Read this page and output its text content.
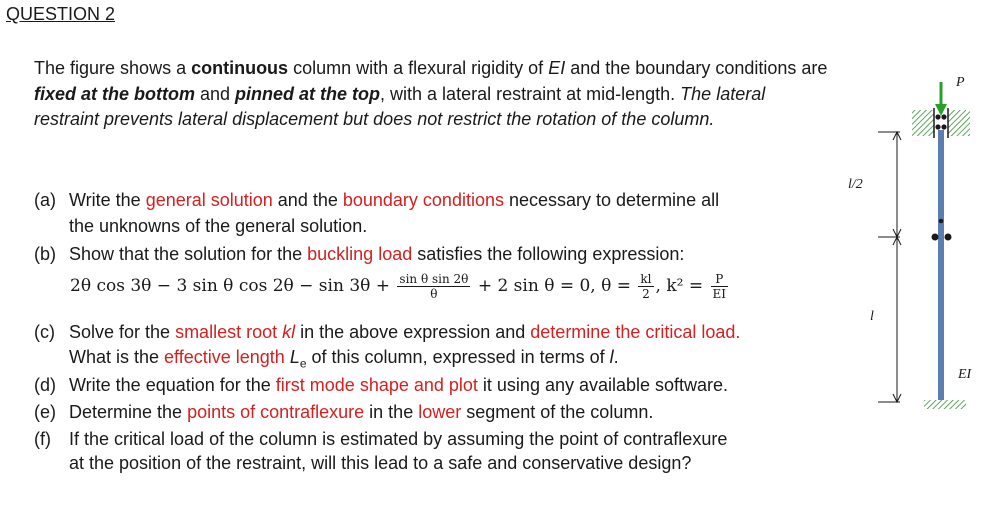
QUESTION 2
The figure shows a continuous column with a flexural rigidity of EI and the boundary conditions are fixed at the bottom and pinned at the top, with a lateral restraint at mid-length. The lateral restraint prevents lateral displacement but does not restrict the rotation of the column.
(a) Write the general solution and the boundary conditions necessary to determine all
the unknowns of the general solution.
(b) Show that the solution for the buckling load satisfies the following expression:
2θ cos 3θ − 3 sin θ $\cos 2\theta - \sin 3\theta + \frac{\text{sin θ sin 2θ}}{\theta} + 2$ sin θ = 0, $\theta = \frac{kl}{2}$ , $k^2 = \frac{P}{EI}$
(c) Solve for the smallest root kl in the above expression and determine the critical load.
What is the effective length $L_e$ of this column, expressed in terms of l.
(d) Write the equation for the first mode shape and plot it using any available software.
(e) Determine the points of contraflexure in the lower segment of the column.
(f) If the critical load of the column is estimated by assuming the point of contraflexure
at the position of the restraint, will this lead to a safe and conservative design?
P
l/2
l
EI
